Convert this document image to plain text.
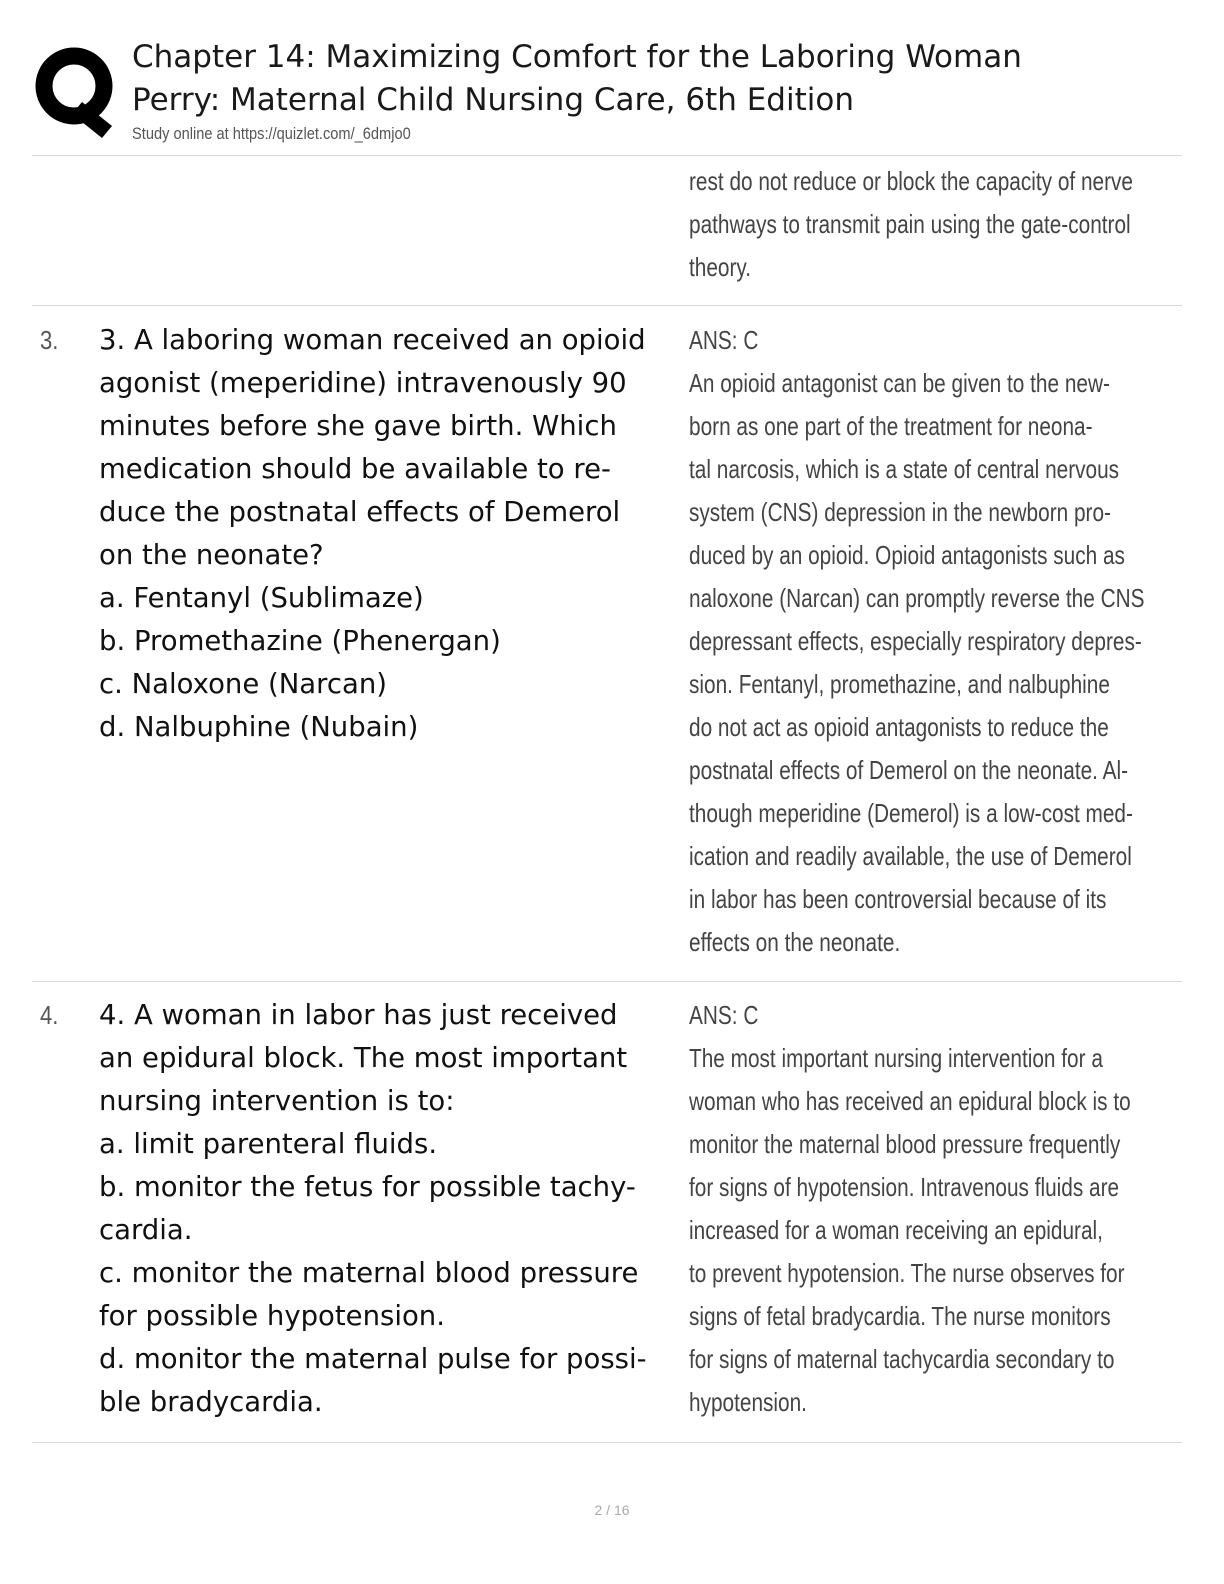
Chapter 14: Maximizing Comfort for the Laboring Woman
Perry: Maternal Child Nursing Care, 6th Edition
Study online at https://quizlet.com/_6dmjo0
rest do not reduce or block the capacity of nerve
pathways to transmit pain using the gate-control
theory.
3. 3. A laboring woman received an opioid
agonist (meperidine) intravenously 90
minutes before she gave birth. Which
medication should be available to re-
duce the postnatal effects of Demerol
on the neonate?
a. Fentanyl (Sublimaze)
b. Promethazine (Phenergan)
c. Naloxone (Narcan)
d. Nalbuphine (Nubain)
ANS: C
An opioid antagonist can be given to the new-
born as one part of the treatment for neona-
tal narcosis, which is a state of central nervous
system (CNS) depression in the newborn pro-
duced by an opioid. Opioid antagonists such as
naloxone (Narcan) can promptly reverse the CNS
depressant effects, especially respiratory depres-
sion. Fentanyl, promethazine, and nalbuphine
do not act as opioid antagonists to reduce the
postnatal effects of Demerol on the neonate. Al-
though meperidine (Demerol) is a low-cost med-
ication and readily available, the use of Demerol
in labor has been controversial because of its
effects on the neonate.
4. 4. A woman in labor has just received
an epidural block. The most important
nursing intervention is to:
a. limit parenteral fluids.
b. monitor the fetus for possible tachy-
cardia.
c. monitor the maternal blood pressure
for possible hypotension.
d. monitor the maternal pulse for possi-
ble bradycardia.
ANS: C
The most important nursing intervention for a
woman who has received an epidural block is to
monitor the maternal blood pressure frequently
for signs of hypotension. Intravenous fluids are
increased for a woman receiving an epidural,
to prevent hypotension. The nurse observes for
signs of fetal bradycardia. The nurse monitors
for signs of maternal tachycardia secondary to
hypotension.
2 / 16
